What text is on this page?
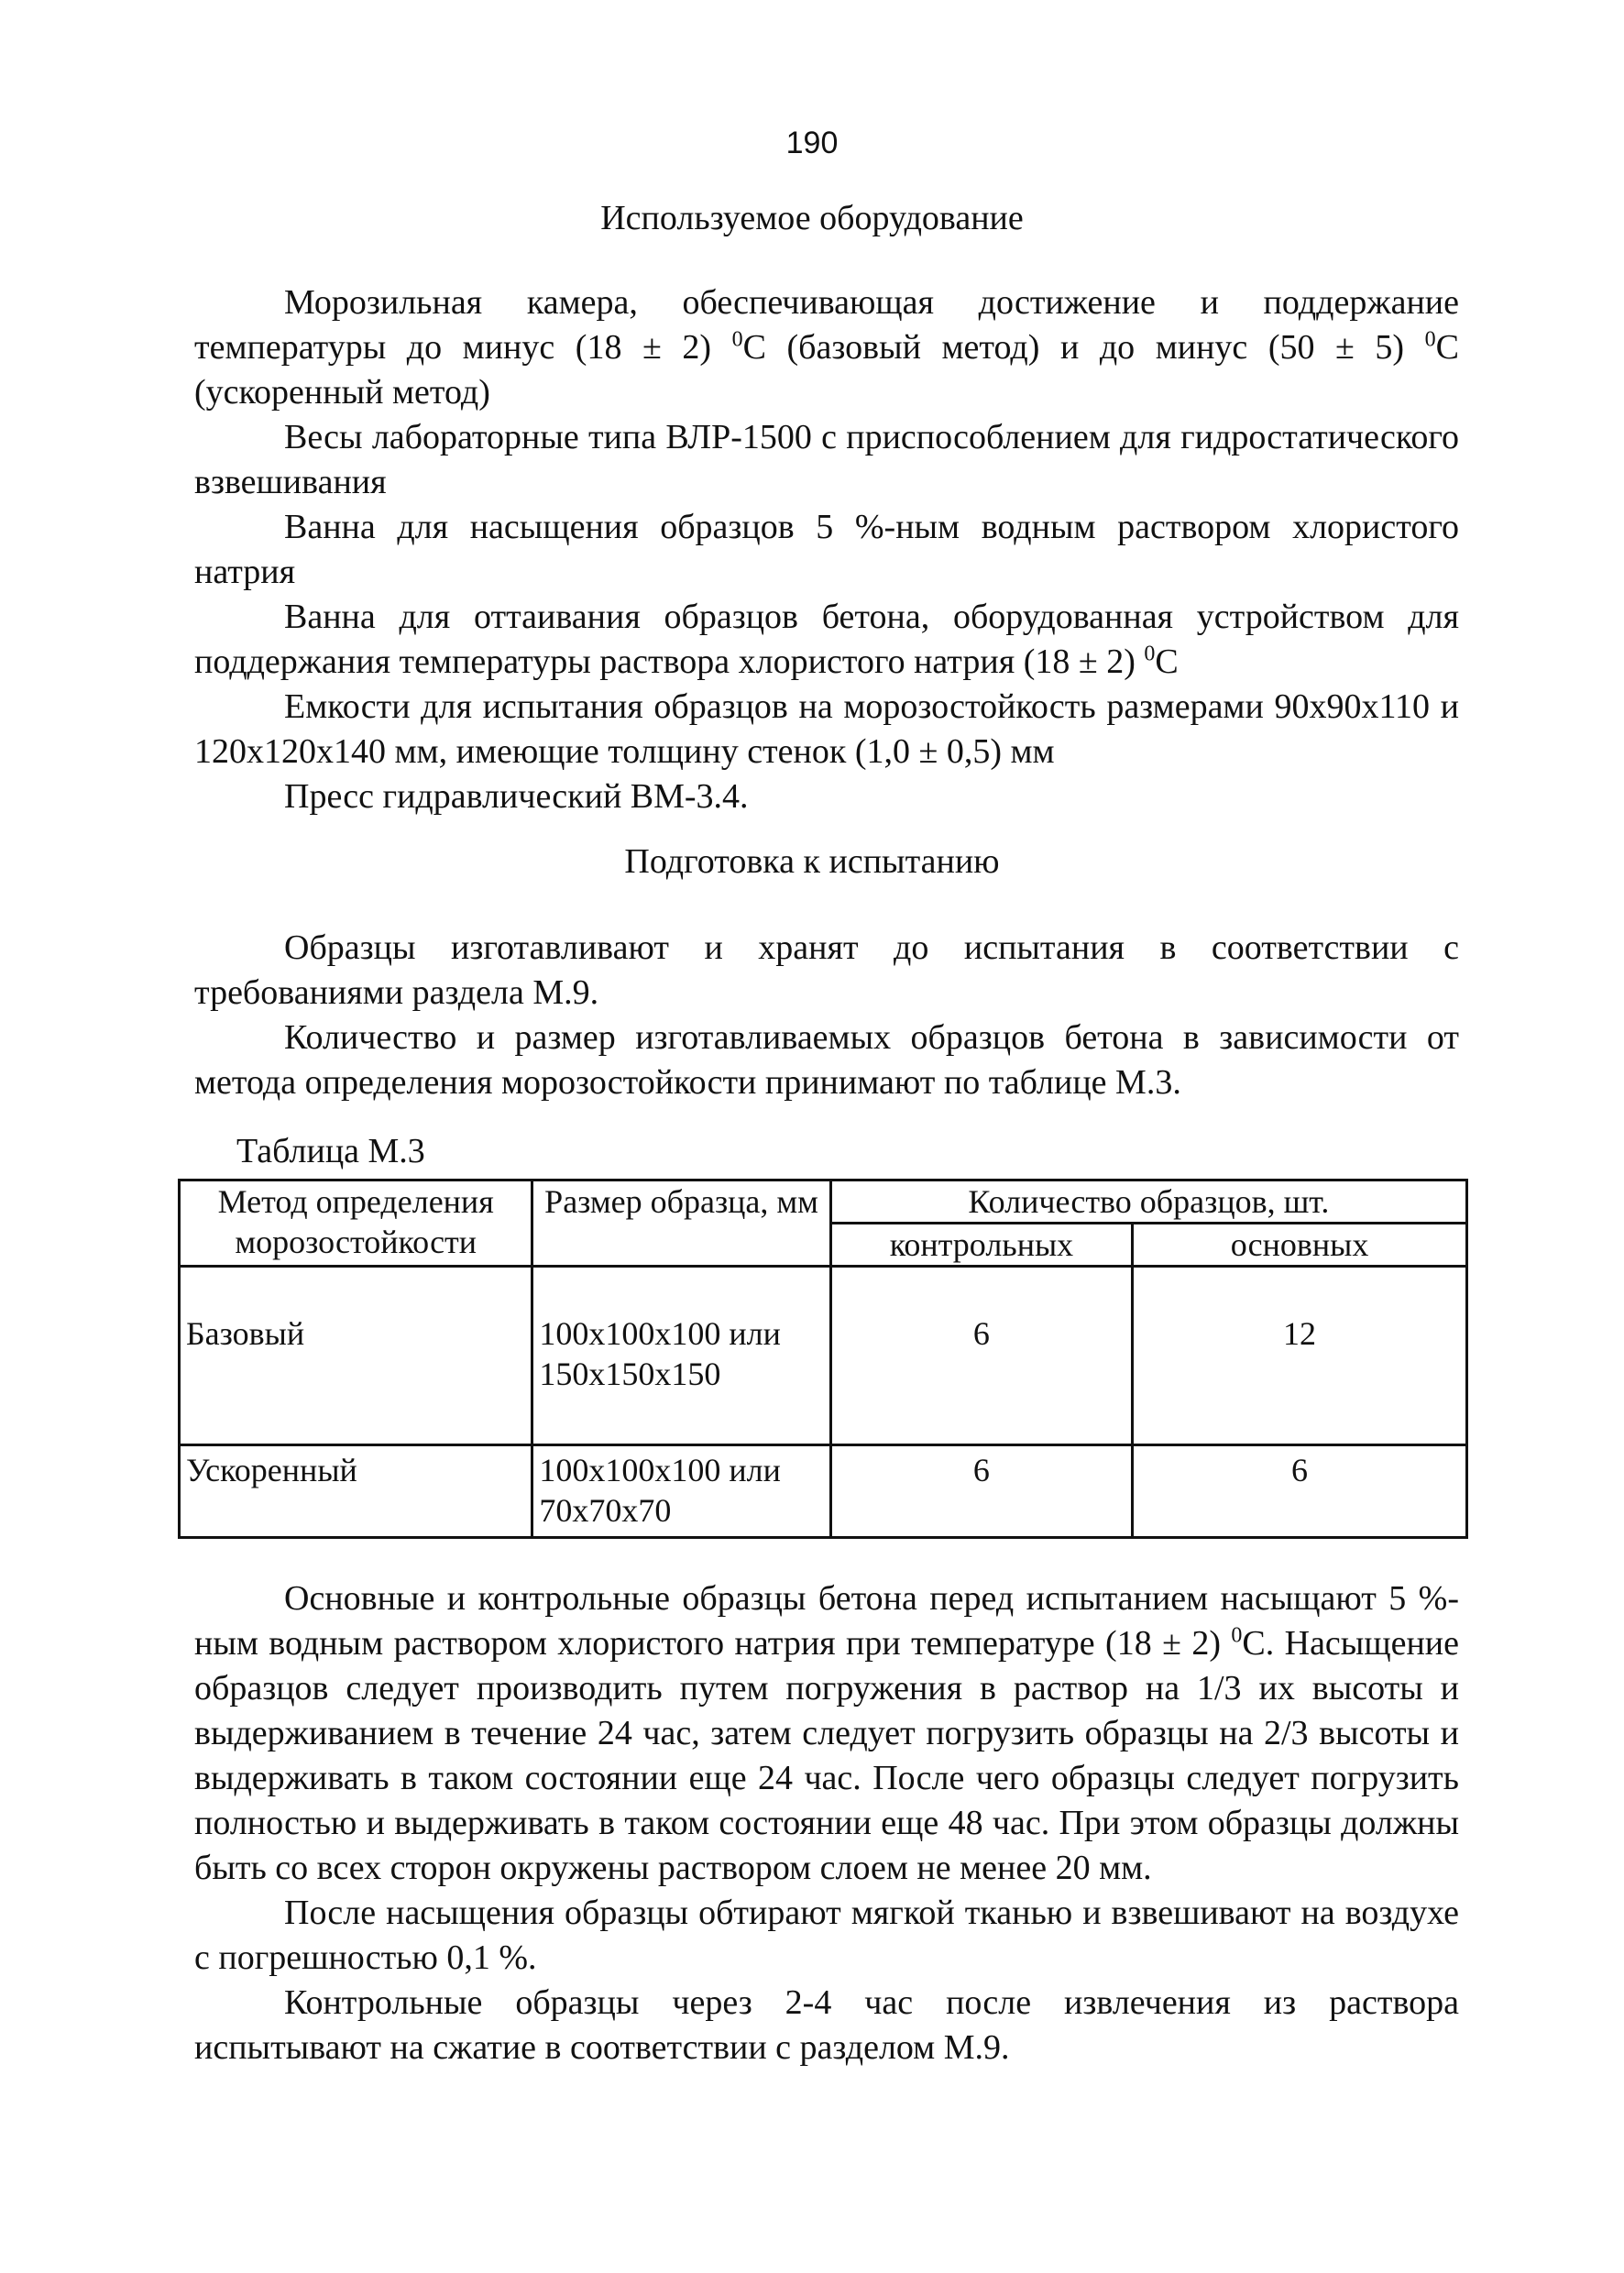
190
Используемое оборудование

Морозильная камера, обеспечивающая достижение и поддержание температуры до минус (18 ± 2) $^0$С (базовый метод) и до минус (50 ± 5) $^0$С (ускоренный метод)

Весы лабораторные типа ВЛР-1500 с приспособлением для гидростатического взвешивания

Ванна для насыщения образцов 5 %-ным водным раствором хлористого натрия

Ванна для оттаивания образцов бетона, оборудованная устройством для поддержания температуры раствора хлористого натрия (18 ± 2) $^0$С

Емкости для испытания образцов на морозостойкость размерами 90х90х110 и 120х120х140 мм, имеющие толщину стенок (1,0 ± 0,5) мм

Пресс гидравлический ВМ-3.4.

Подготовка к испытанию

Образцы изготавливают и хранят до испытания в соответствии с требованиями раздела М.9.

Количество и размер изготавливаемых образцов бетона в зависимости от метода определения морозостойкости принимают по таблице М.3.

Таблица М.3
Метод определения морозостойкости	Размер образца, мм	Количество образцов, шт.	
		контрольных	основных
Базовый	100х100х100 или 150х150х150	6	12
Ускоренный	100х100х100 или 70х70х70	6	6

Основные и контрольные образцы бетона перед испытанием насыщают 5 %-ным водным раствором хлористого натрия при температуре (18 ± 2) $^0$С. Насыщение образцов следует производить путем погружения в раствор на 1/3 их высоты и выдерживанием в течение 24 час, затем следует погрузить образцы на 2/3 высоты и выдерживать в таком состоянии еще 24 час. После чего образцы следует погрузить полностью и выдерживать в таком состоянии еще 48 час. При этом образцы должны быть со всех сторон окружены раствором слоем не менее 20 мм.

После насыщения образцы обтирают мягкой тканью и взвешивают на воздухе с погрешностью 0,1 %.

Контрольные образцы через 2-4 час после извлечения из раствора испытывают на сжатие в соответствии с разделом М.9.
